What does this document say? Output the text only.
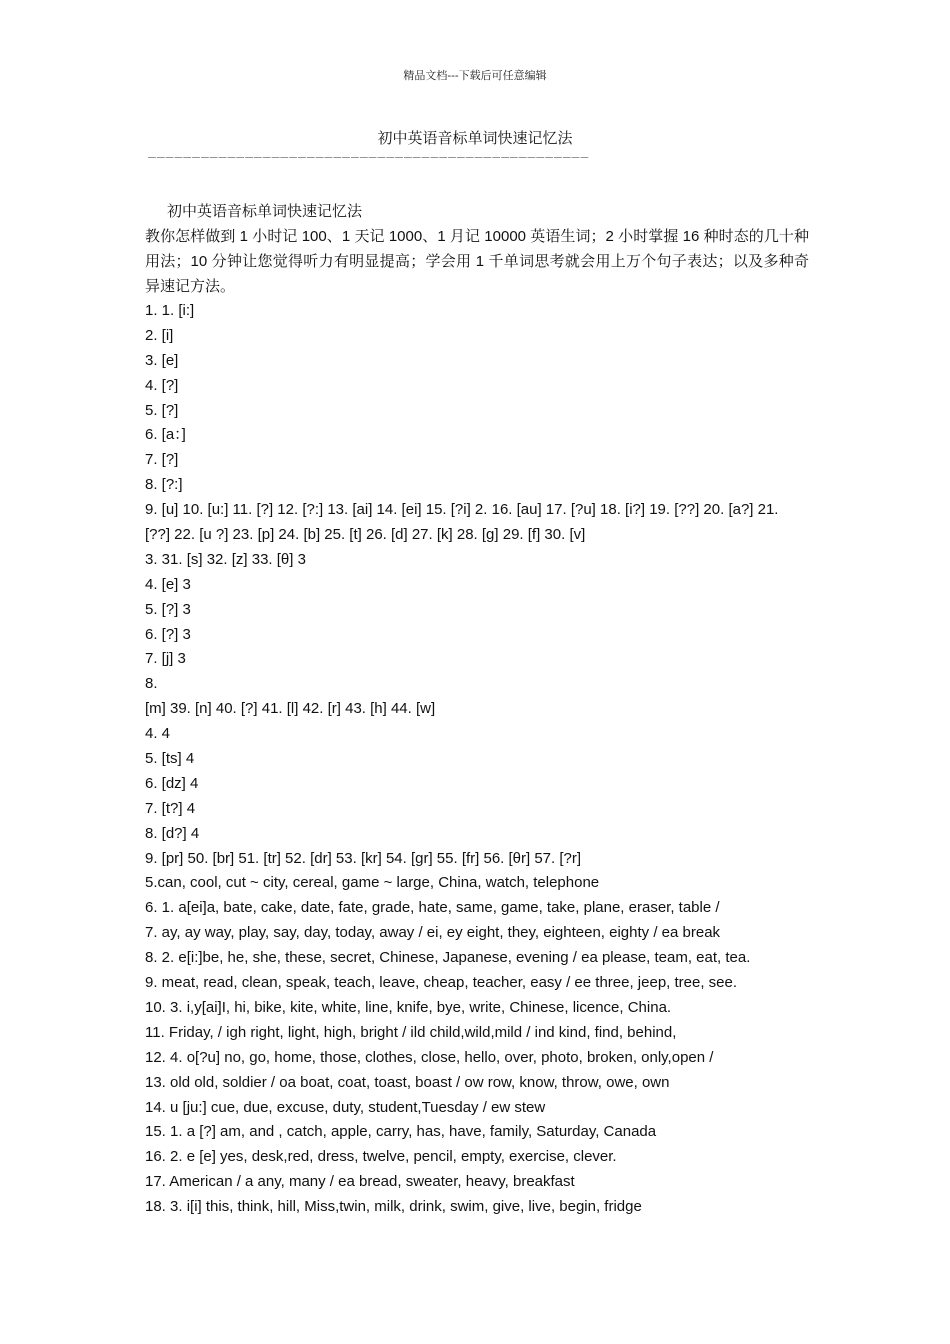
精品文档---下载后可任意编辑
初中英语音标单词快速记忆法
——————————————————————————————————————————————————
初中英语音标单词快速记忆法
教你怎样做到 1 小时记 100、1 天记 1000、1 月记 10000 英语生词；2 小时掌握 16 种时态的几十种用法；10 分钟让您觉得听力有明显提高；学会用 1 千单词思考就会用上万个句子表达；以及多种奇异速记方法。
1. 1. [i:]
2. [i]
3. [e]
4. [?]
5. [?]
6. [a：]
7. [?]
8. [?:]
9. [u] 10. [u:] 11. [?] 12. [?:] 13. [ai] 14. [ei] 15. [?i] 2. 16. [au] 17. [?u] 18. [i?] 19. [??] 20. [a?] 21.
[??] 22. [u ?] 23. [p] 24. [b] 25. [t] 26. [d] 27. [k] 28. [g] 29. [f] 30. [v]
3. 31. [s] 32. [z] 33. [θ] 3
4. [e] 3
5. [?] 3
6. [?] 3
7. [j] 3
8.
[m] 39. [n] 40. [?] 41. [l] 42. [r] 43. [h] 44. [w]
4. 4
5. [ts] 4
6. [dz] 4
7. [t?] 4
8. [d?] 4
9. [pr] 50. [br] 51. [tr] 52. [dr] 53. [kr] 54. [gr] 55. [fr] 56. [θr] 57. [?r]
5.can, cool, cut ~ city, cereal, game ~ large, China, watch, telephone
6. 1. a[ei]a, bate, cake, date, fate, grade, hate, same, game, take, plane, eraser, table /
7. ay, ay way, play, say, day, today, away / ei, ey eight, they, eighteen, eighty / ea break
8. 2. e[i:]be, he, she, these, secret, Chinese, Japanese, evening / ea please, team, eat, tea.
9. meat, read, clean, speak, teach, leave, cheap, teacher, easy / ee three, jeep, tree, see.
10. 3. i,y[ai]I, hi, bike, kite, white, line, knife, bye, write, Chinese, licence, China.
11. Friday, / igh right, light, high, bright / ild child,wild,mild / ind kind, find, behind,
12. 4. o[?u] no, go, home, those, clothes, close, hello, over, photo, broken, only,open /
13. old old, soldier / oa boat, coat, toast, boast / ow row, know, throw, owe, own
14. u [ju:] cue, due, excuse, duty, student,Tuesday / ew stew
15. 1. a [?] am, and , catch, apple, carry, has, have, family, Saturday, Canada
16. 2. e [e] yes, desk,red, dress, twelve, pencil, empty, exercise, clever.
17. American / a any, many / ea bread, sweater, heavy, breakfast
18. 3. i[i] this, think, hill, Miss,twin, milk, drink, swim, give, live, begin, fridge
